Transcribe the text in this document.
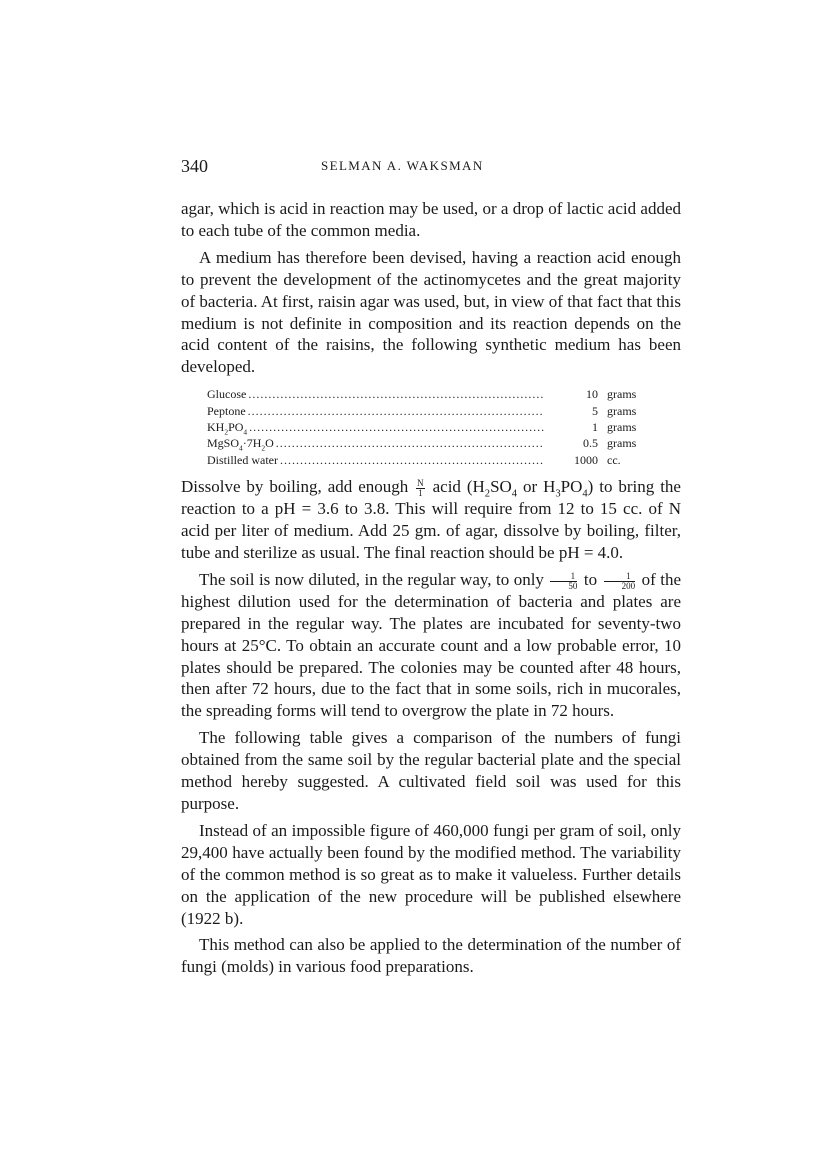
340	SELMAN A. WAKSMAN

agar, which is acid in reaction may be used, or a drop of lactic acid added to each tube of the common media.

A medium has therefore been devised, having a reaction acid enough to prevent the development of the actinomycetes and the great majority of bacteria. At first, raisin agar was used, but, in view of that fact that this medium is not definite in composition and its reaction depends on the acid content of the raisins, the following synthetic medium has been developed.

Glucose .....	10 grams
Peptone .....	5 grams
$KH_2PO_4$ .....	1 grams
$MgSO_4\cdot 7H_2O$ .....	0.5 grams
Distilled water .....	1000 cc.

Dissolve by boiling, add enough $\frac{N}{1}$ acid ($H_2SO_4$ or $H_3PO_4$) to bring the reaction to a pH = 3.6 to 3.8. This will require from 12 to 15 cc. of N acid per liter of medium. Add 25 gm. of agar, dissolve by boiling, filter, tube and sterilize as usual. The final reaction should be pH = 4.0.

The soil is now diluted, in the regular way, to only $\frac{1}{50}$ to $\frac{1}{200}$ of the highest dilution used for the determination of bacteria and plates are prepared in the regular way. The plates are incubated for seventy-two hours at 25°C. To obtain an accurate count and a low probable error, 10 plates should be prepared. The colonies may be counted after 48 hours, then after 72 hours, due to the fact that in some soils, rich in mucorales, the spreading forms will tend to overgrow the plate in 72 hours.

The following table gives a comparison of the numbers of fungi obtained from the same soil by the regular bacterial plate and the special method hereby suggested. A cultivated field soil was used for this purpose.

Instead of an impossible figure of 460,000 fungi per gram of soil, only 29,400 have actually been found by the modified method. The variability of the common method is so great as to make it valueless. Further details on the application of the new procedure will be published elsewhere (1922 b).

This method can also be applied to the determination of the number of fungi (molds) in various food preparations.
